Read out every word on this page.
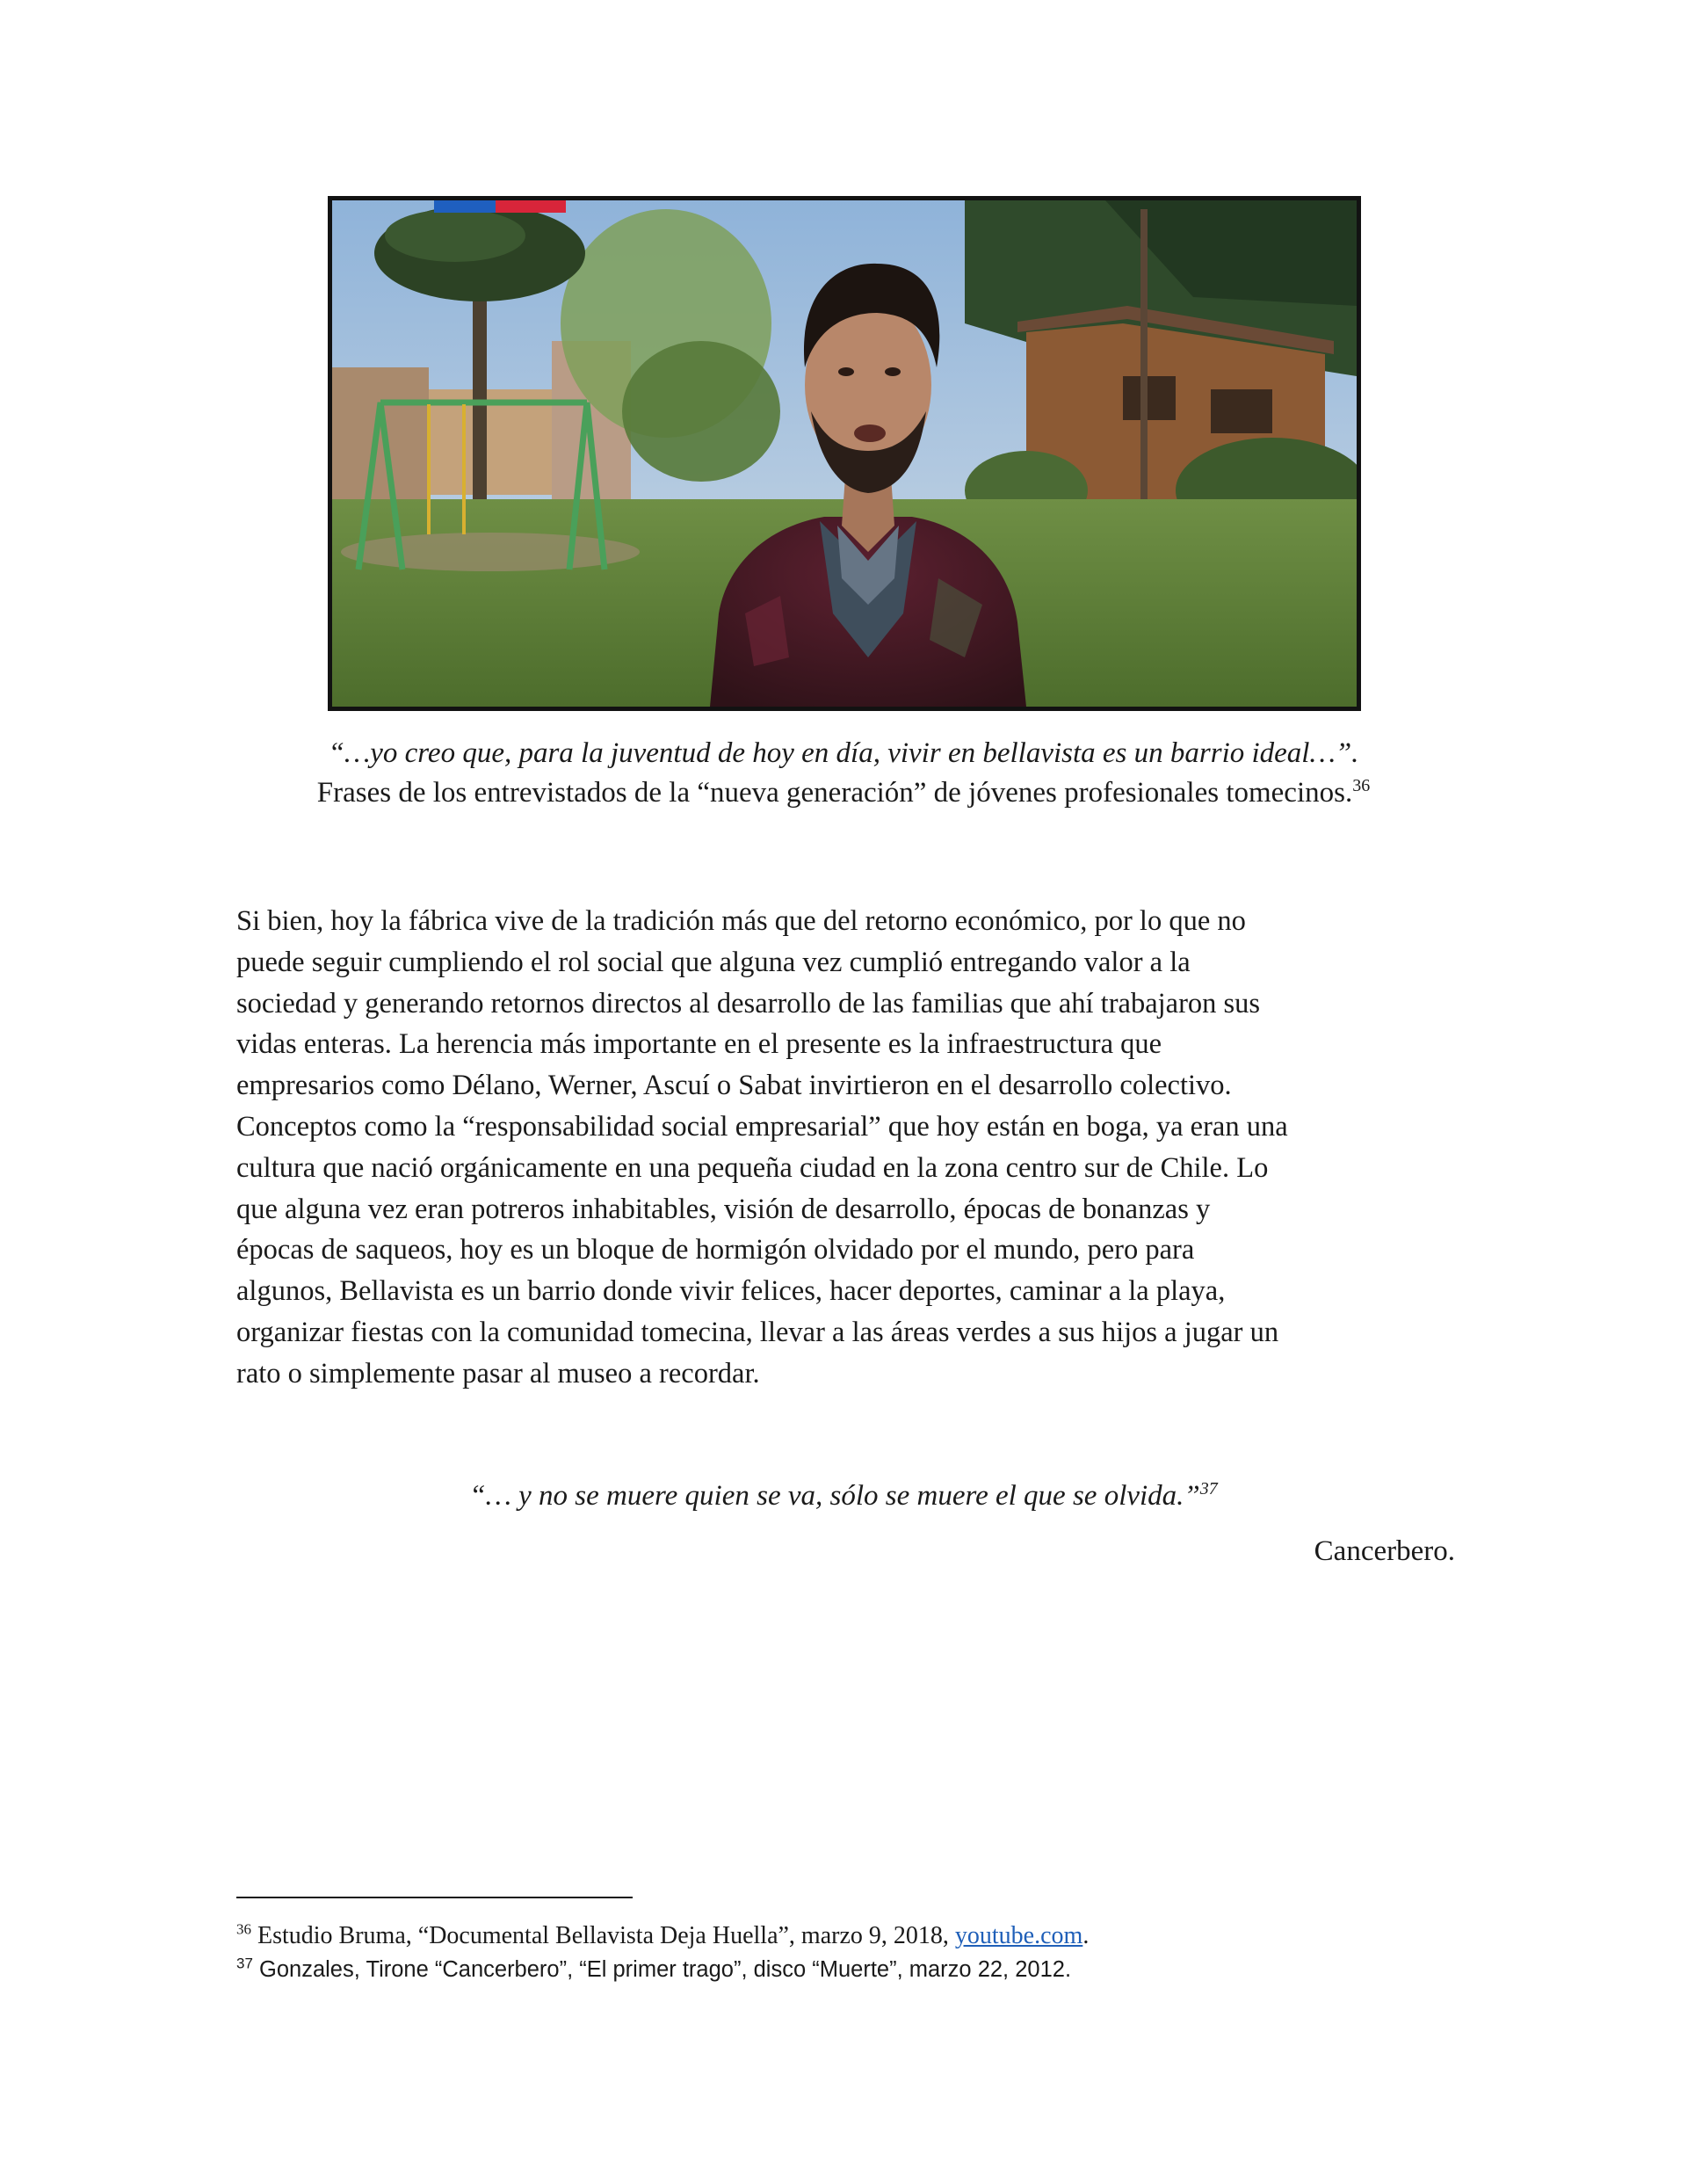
“…yo creo que, para la juventud de hoy en día, vivir en bellavista es un barrio ideal…”.
Frases de los entrevistados de la “nueva generación” de jóvenes profesionales tomecinos.$^{36}$
Si bien, hoy la fábrica vive de la tradición más que del retorno económico, por lo que no
puede seguir cumpliendo el rol social que alguna vez cumplió entregando valor a la
sociedad y generando retornos directos al desarrollo de las familias que ahí trabajaron sus
vidas enteras. La herencia más importante en el presente es la infraestructura que
empresarios como Délano, Werner, Ascuí o Sabat invirtieron en el desarrollo colectivo.
Conceptos como la “responsabilidad social empresarial” que hoy están en boga, ya eran una
cultura que nació orgánicamente en una pequeña ciudad en la zona centro sur de Chile. Lo
que alguna vez eran potreros inhabitables, visión de desarrollo, épocas de bonanzas y
épocas de saqueos, hoy es un bloque de hormigón olvidado por el mundo, pero para
algunos, Bellavista es un barrio donde vivir felices, hacer deportes, caminar a la playa,
organizar fiestas con la comunidad tomecina, llevar a las áreas verdes a sus hijos a jugar un
rato o simplemente pasar al museo a recordar.
“… y no se muere quien se va, sólo se muere el que se olvida.”$^{37}$
Cancerbero.
$^{36}$ Estudio Bruma, “Documental Bellavista Deja Huella”, marzo 9, 2018, youtube.com.
$^{37}$ Gonzales, Tirone “Cancerbero”, “El primer trago”, disco “Muerte”, marzo 22, 2012.
